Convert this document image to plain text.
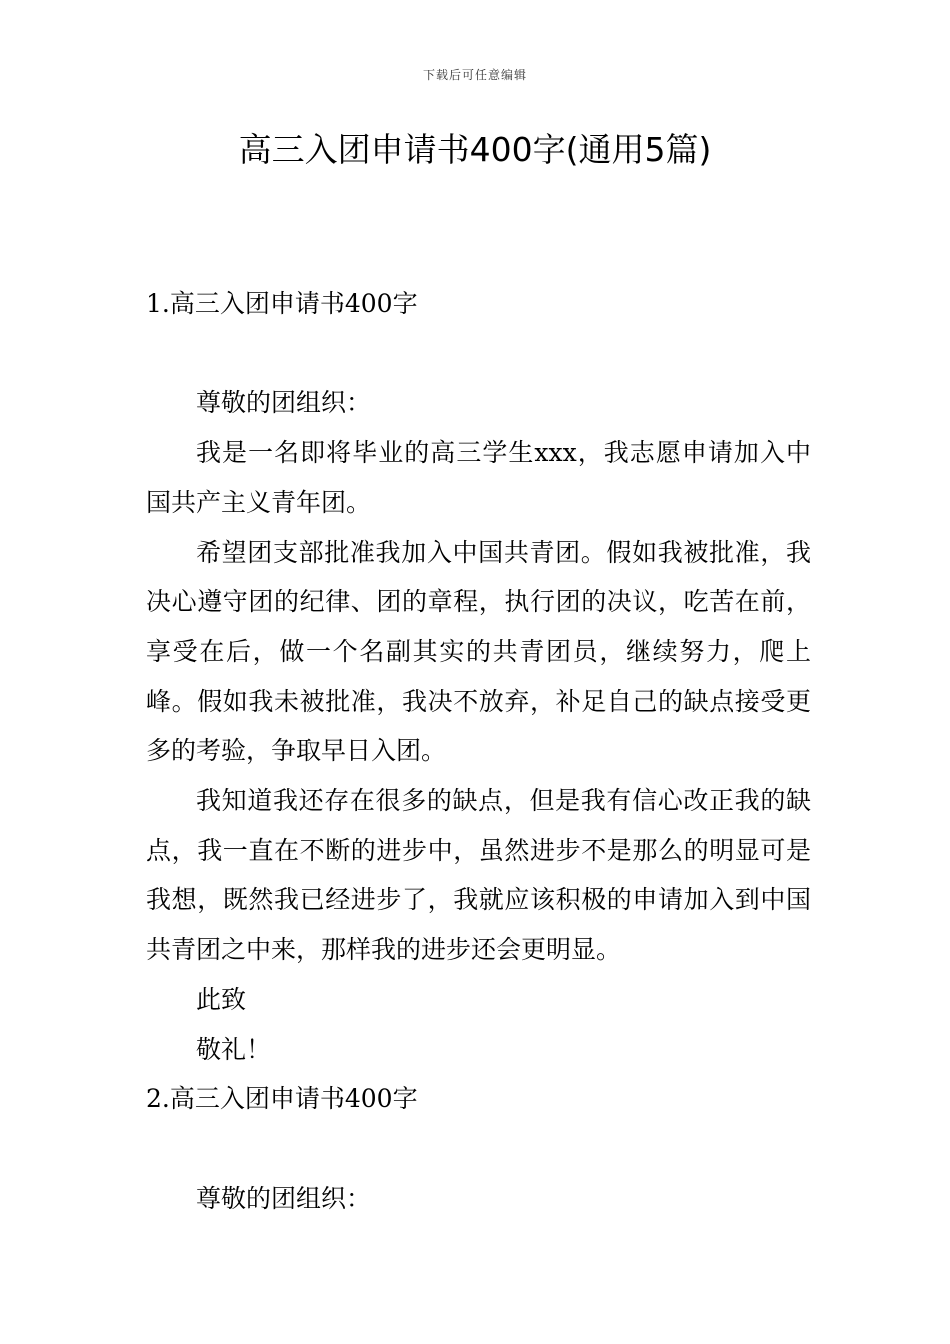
下载后可任意编辑
高三入团申请书400字(通用5篇)

1.高三入团申请书400字

尊敬的团组织：

我是一名即将毕业的高三学生xxx，我志愿申请加入中国共产主义青年团。

希望团支部批准我加入中国共青团。假如我被批准，我决心遵守团的纪律、团的章程，执行团的决议，吃苦在前，享受在后，做一个名副其实的共青团员，继续努力，爬上峰。假如我未被批准，我决不放弃，补足自己的缺点接受更多的考验，争取早日入团。

我知道我还存在很多的缺点，但是我有信心改正我的缺点，我一直在不断的进步中，虽然进步不是那么的明显可是我想，既然我已经进步了，我就应该积极的申请加入到中国共青团之中来，那样我的进步还会更明显。

此致

敬礼！

2.高三入团申请书400字

尊敬的团组织：
